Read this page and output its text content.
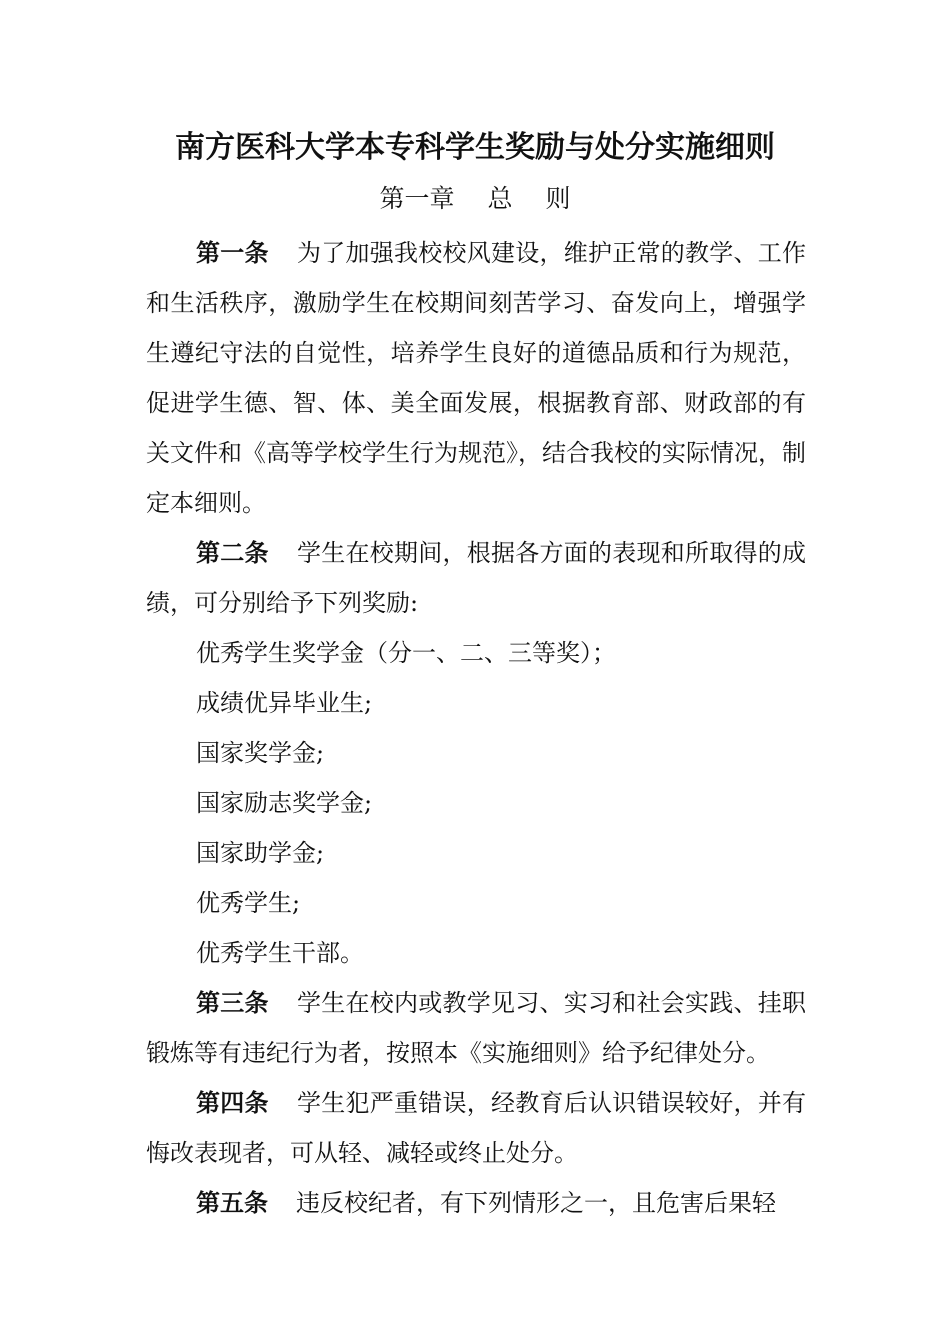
南方医科大学本专科学生奖励与处分实施细则
第一章　 总　 则

第一条 为了加强我校校风建设，维护正常的教学、工作和生活秩序，激励学生在校期间刻苦学习、奋发向上，增强学生遵纪守法的自觉性，培养学生良好的道德品质和行为规范，促进学生德、智、体、美全面发展，根据教育部、财政部的有关文件和《高等学校学生行为规范》，结合我校的实际情况，制定本细则。

第二条 学生在校期间，根据各方面的表现和所取得的成绩，可分别给予下列奖励:

优秀学生奖学金（分一、二、三等奖）；

成绩优异毕业生;

国家奖学金;

国家励志奖学金;

国家助学金;

优秀学生;

优秀学生干部。

第三条 学生在校内或教学见习、实习和社会实践、挂职锻炼等有违纪行为者，按照本《实施细则》给予纪律处分。

第四条 学生犯严重错误，经教育后认识错误较好，并有悔改表现者，可从轻、减轻或终止处分。

第五条 违反校纪者，有下列情形之一，且危害后果轻
